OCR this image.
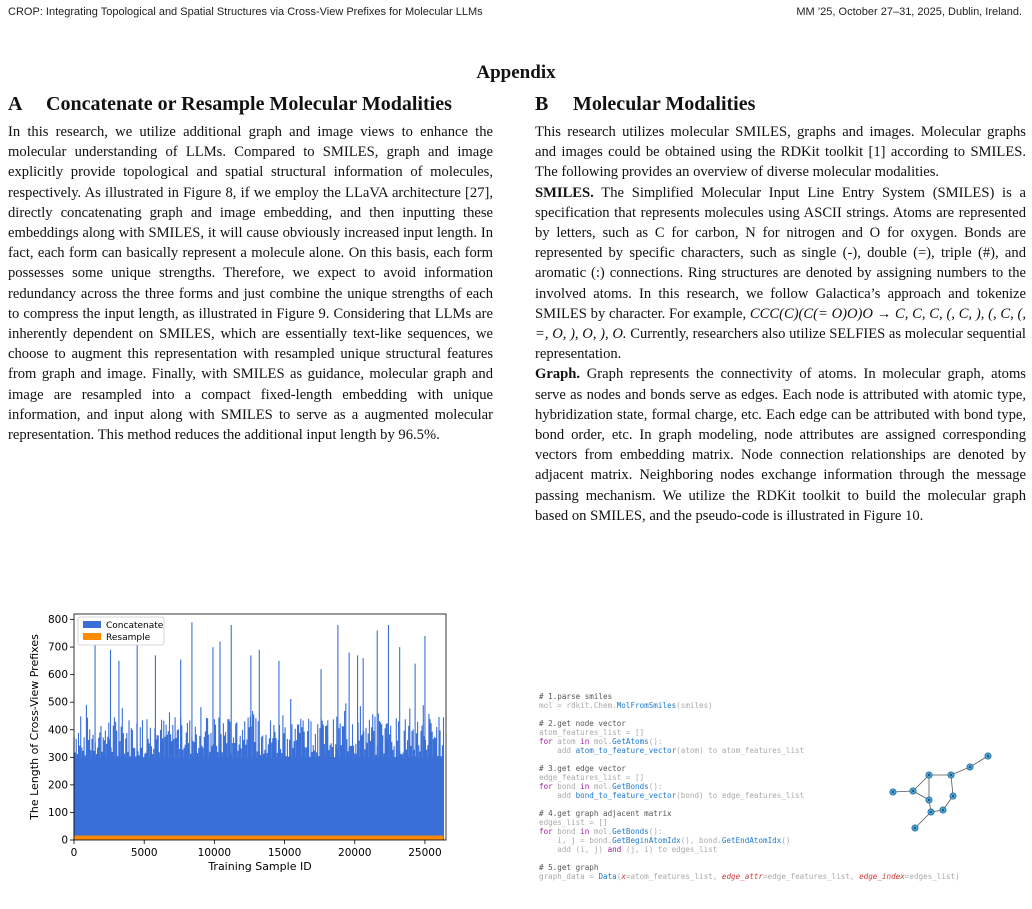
CROP: Integrating Topological and Spatial Structures via Cross-View Prefixes for Molecular LLMs	MM ’25, October 27–31, 2025, Dublin, Ireland.
Appendix
A	Concatenate or Resample Molecular Modalities

In this research, we utilize additional graph and image views to enhance the molecular understanding of LLMs. Compared to SMILES, graph and image explicitly provide topological and spatial structural information of molecules, respectively. As illustrated in Figure 8, if we employ the LLaVA architecture [27], directly concatenating graph and image embedding, and then inputting these embeddings along with SMILES, it will cause obviously increased input length. In fact, each form can basically represent a molecule alone. On this basis, each form possesses some unique strengths. Therefore, we expect to avoid information redundancy across the three forms and just combine the unique strengths of each to compress the input length, as illustrated in Figure 9. Considering that LLMs are inherently dependent on SMILES, which are essentially text-like sequences, we choose to augment this representation with resampled unique structural features from graph and image. Finally, with SMILES as guidance, molecular graph and image are resampled into a compact fixed-length embedding with unique information, and input along with SMILES to serve as a augmented molecular representation. This method reduces the additional input length by 96.5%.

0
100
200
300
400
500
600
700
800
0	5000	10000	15000	20000	25000
Training Sample ID
The Length of Cross-View Prefixes
Concatenate
Resample
B	Molecular Modalities

This research utilizes molecular SMILES, graphs and images. Molecular graphs and images could be obtained using the RDKit toolkit [1] according to SMILES. The following provides an overview of diverse molecular modalities.

SMILES. The Simplified Molecular Input Line Entry System (SMILES) is a specification that represents molecules using ASCII strings. Atoms are represented by letters, such as C for carbon, N for nitrogen and O for oxygen. Bonds are represented by specific characters, such as single (-), double (=), triple (#), and aromatic (:) connections. Ring structures are denoted by assigning numbers to the involved atoms. In this research, we follow Galactica’s approach and tokenize SMILES by character. For example, CCC(C)(C(= O)O)O → C, C, C, (, C, ), (, C, (, =, O, ), O, ), O. Currently, researchers also utilize SELFIES as molecular sequential representation.

Graph. Graph represents the connectivity of atoms. In molecular graph, atoms serve as nodes and bonds serve as edges. Each node is attributed with atomic type, hybridization state, formal charge, etc. Each edge can be attributed with bond type, bond order, etc. In graph modeling, node attributes are assigned corresponding vectors from embedding matrix. Node connection relationships are denoted by adjacent matrix. Neighboring nodes exchange information through the message passing mechanism. We utilize the RDKit toolkit to build the molecular graph based on SMILES, and the pseudo-code is illustrated in Figure 10.

# 1.parse smiles
mol = rdkit.Chem.MolFromSmiles(smiles)

# 2.get node vector
atom_features_list = []
for atom in mol.GetAtoms():
add atom_to_feature_vector(atom) to atom_features_list

# 3.get edge vector
edge_features_list = []
for bond in mol.GetBonds():
add bond_to_feature_vector(bond) to edge_features_list

# 4.get graph adjacent matrix
edges_list = []
for bond in mol.GetBonds():
i, j = bond.GetBeginAtomIdx(), bond.GetEndAtomIdx()
add (i, j) and (j, i) to edges_list

# 5.get graph
graph_data = Data(x=atom_features_list, edge_attr=edge_features_list, edge_index=edges_list)
